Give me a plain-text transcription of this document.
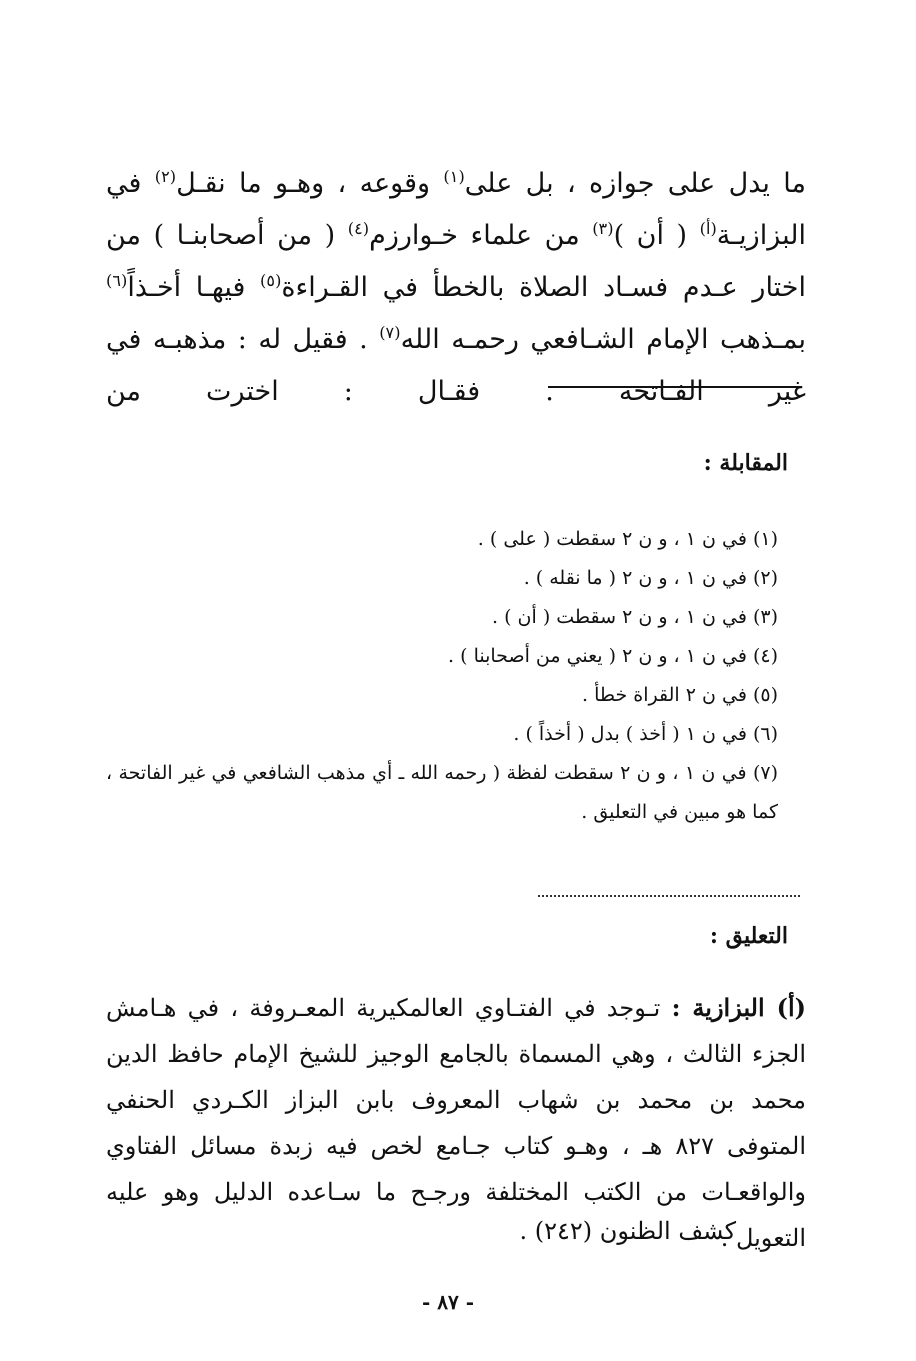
ما يدل على جوازه ، بل على$^{(١)}$ وقوعه ، وهـو ما نقـل$^{(٢)}$ في البزازيـة$^{(أ)}$ ( أن )$^{(٣)}$ من علماء خـوارزم$^{(٤)}$ ( من أصحابنـا ) من اختار عـدم فسـاد الصلاة بالخطأ في القـراءة$^{(٥)}$ فيهـا أخـذاً$^{(٦)}$ بمـذهب الإمام الشـافعي رحمـه الله$^{(٧)}$ . فقيل له : مذهبـه في غير الفـاتحة . فقـال : اخترت من

المقابلة :
(١) في ن ١ ، و ن ٢ سقطت ( على ) .
(٢) في ن ١ ، و ن ٢ ( ما نقله ) .
(٣) في ن ١ ، و ن ٢ سقطت ( أن ) .
(٤) في ن ١ ، و ن ٢ ( يعني من أصحابنا ) .
(٥) في ن ٢ القراة خطأ .
(٦) في ن ١ ( أخذ ) بدل ( أخذاً ) .
(٧) في ن ١ ، و ن ٢ سقطت لفظة ( رحمه الله ـ أي مذهب الشافعي في غير الفاتحة ، كما هو مبين في التعليق .
التعليق :

(أ) البزازية : تـوجد في الفتـاوي العالمكيرية المعـروفة ، في هـامش الجزء الثالث ، وهي المسماة بالجامع الوجيز للشيخ الإمام حافظ الدين محمد بن محمد بن شهاب المعروف بابن البزاز الكـردي الحنفي المتوفى ٨٢٧ هـ ، وهـو كتاب جـامع لخص فيه زبدة مسائل الفتاوي والواقعـات من الكتب المختلفة ورجـح ما سـاعده الدليل وهو عليه التعويل .

كشف الظنون (٢٤٢) .

- ٨٧ -
